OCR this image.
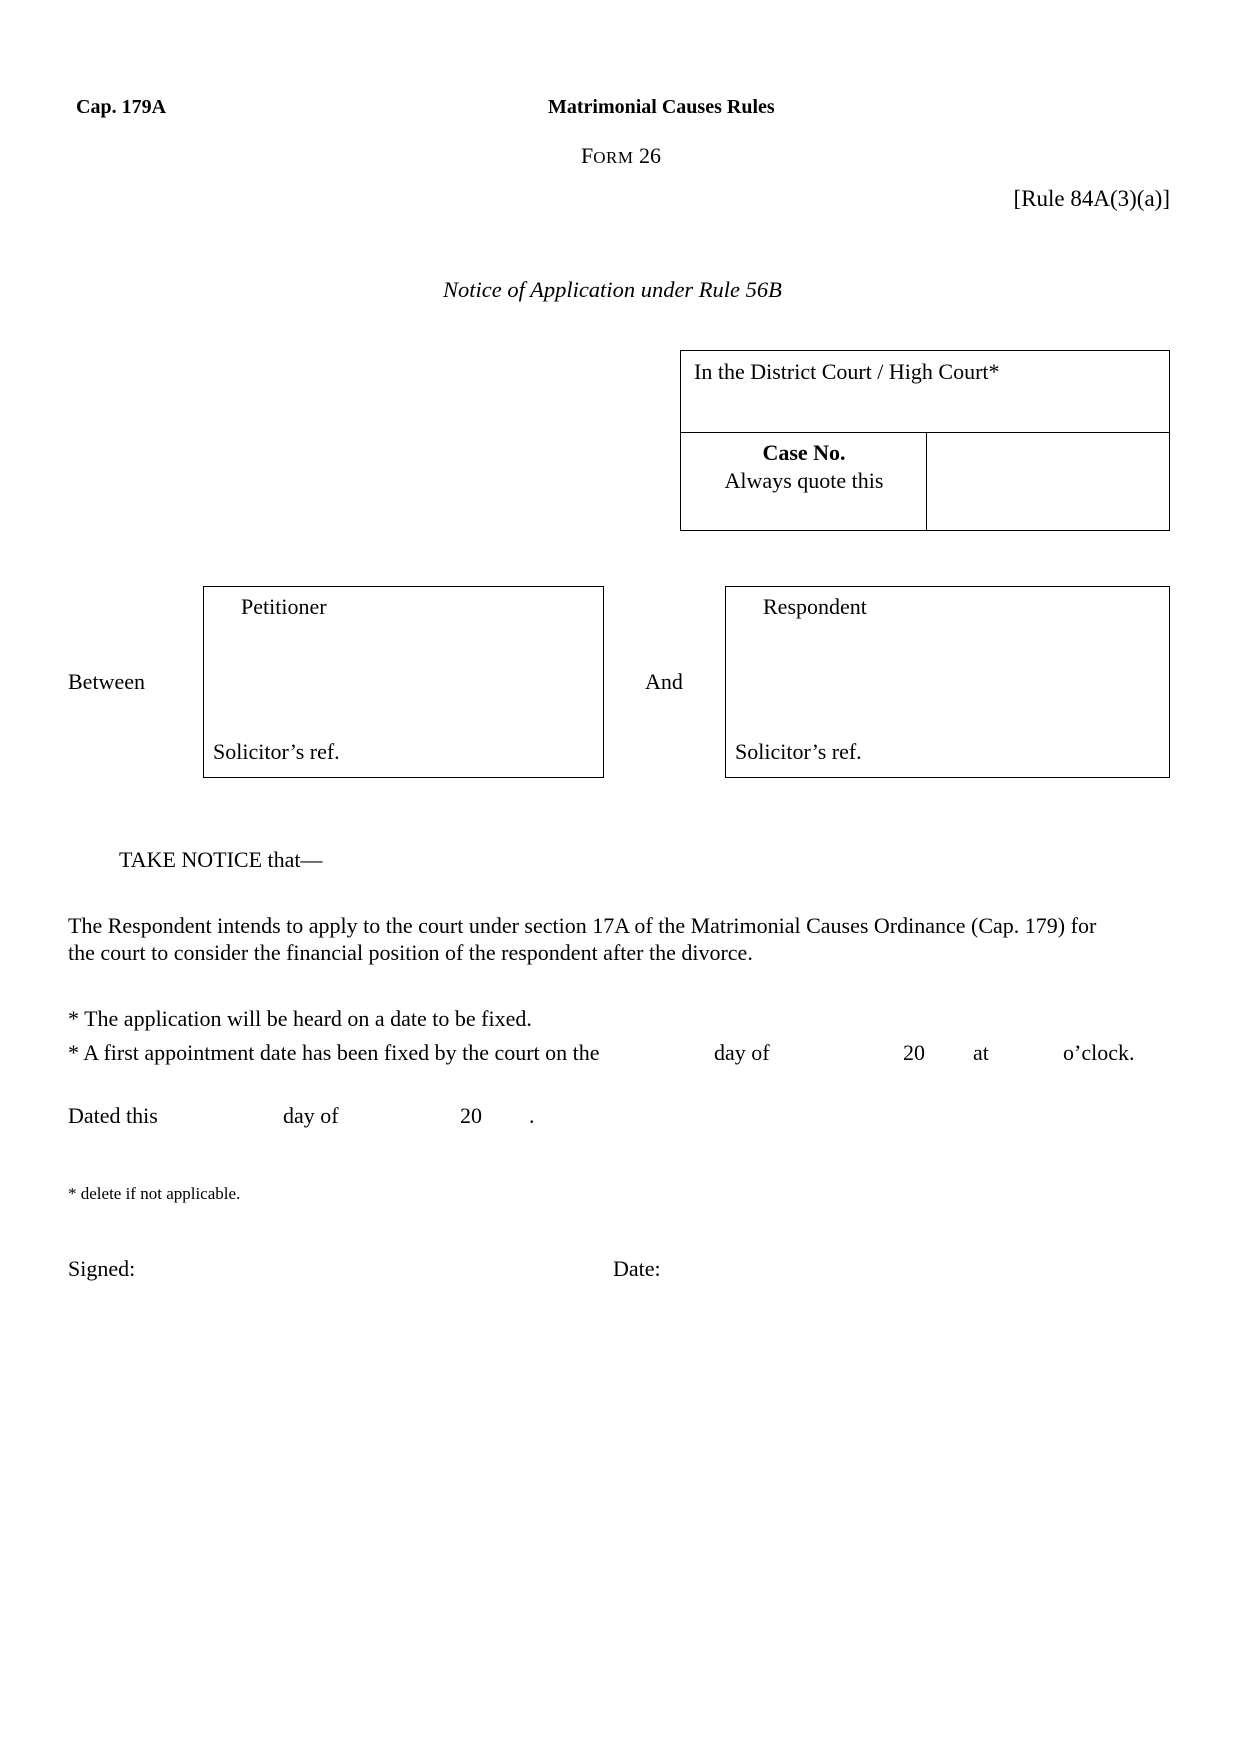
Cap. 179A	Matrimonial Causes Rules
FORM 26
[Rule 84A(3)(a)]
Notice of Application under Rule 56B
In the District Court / High Court*
Case No.
Always quote this
Between
Petitioner
Solicitor’s ref.
And
Respondent
Solicitor’s ref.
TAKE NOTICE that—
The Respondent intends to apply to the court under section 17A of the Matrimonial Causes Ordinance (Cap. 179) for
the court to consider the financial position of the respondent after the divorce.
* The application will be heard on a date to be fixed.
* A first appointment date has been fixed by the court on the	day of	20 at	o’clock.
Dated this	day of	20 .
* delete if not applicable.
Signed:	Date:
